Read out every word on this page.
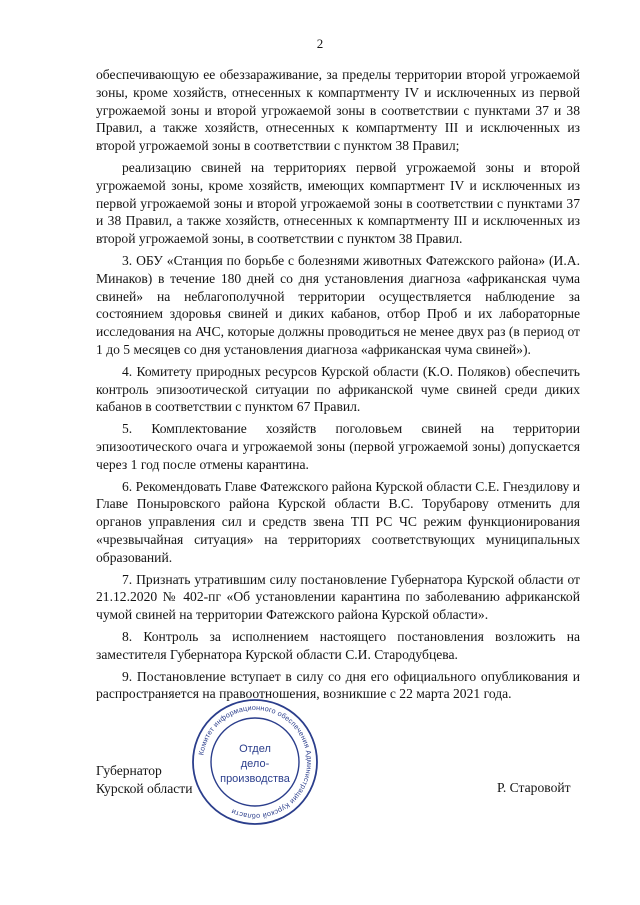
2

обеспечивающую ее обеззараживание, за пределы территории второй угрожаемой зоны, кроме хозяйств, отнесенных к компартменту IV и исключенных из первой угрожаемой зоны и второй угрожаемой зоны в соответствии с пунктами 37 и 38 Правил, а также хозяйств, отнесенных к компартменту III и исключенных из второй угрожаемой зоны в соответствии с пунктом 38 Правил;

реализацию свиней на территориях первой угрожаемой зоны и второй угрожаемой зоны, кроме хозяйств, имеющих компартмент IV и исключенных из первой угрожаемой зоны и второй угрожаемой зоны в соответствии с пунктами 37 и 38 Правил, а также хозяйств, отнесенных к компартменту III и исключенных из второй угрожаемой зоны, в соответствии с пунктом 38 Правил.

3. ОБУ «Станция по борьбе с болезнями животных Фатежского района» (И.А. Минаков) в течение 180 дней со дня установления диагноза «африканская чума свиней» на неблагополучной территории осуществляется наблюдение за состоянием здоровья свиней и диких кабанов, отбор Проб и их лабораторные исследования на АЧС, которые должны проводиться не менее двух раз (в период от 1 до 5 месяцев со дня установления диагноза «африканская чума свиней»).

4. Комитету природных ресурсов Курской области (К.О. Поляков) обеспечить контроль эпизоотической ситуации по африканской чуме свиней среди диких кабанов в соответствии с пунктом 67 Правил.

5. Комплектование хозяйств поголовьем свиней на территории эпизоотического очага и угрожаемой зоны (первой угрожаемой зоны) допускается через 1 год после отмены карантина.

6. Рекомендовать Главе Фатежского района Курской области С.Е. Гнездилову и Главе Поныровского района Курской области В.С. Торубарову отменить для органов управления сил и средств звена ТП РС ЧС режим функционирования «чрезвычайная ситуация» на территориях соответствующих муниципальных образований.

7. Признать утратившим силу постановление Губернатора Курской области от 21.12.2020 № 402-пг «Об установлении карантина по заболеванию африканской чумой свиней на территории Фатежского района Курской области».

8. Контроль за исполнением настоящего постановления возложить на заместителя Губернатора Курской области С.И. Стародубцева.

9. Постановление вступает в силу со дня его официального опубликования и распространяется на правоотношения, возникшие с 22 марта 2021 года.

Губернатор
Курской области	Р. Старовойт
Комитет информационного обеспечения Администрации Курской области
Отдел
дело-
производства
